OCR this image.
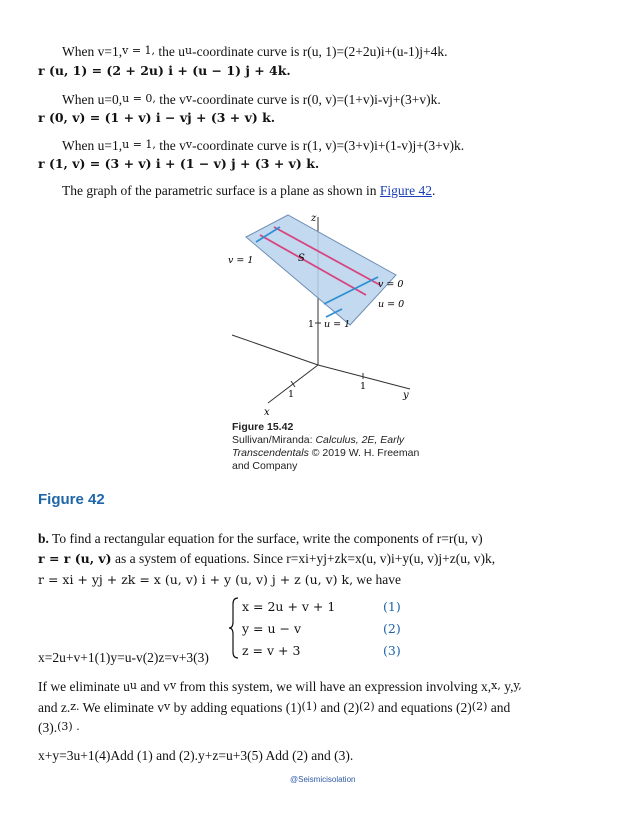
When v=1,v = 1, the uu-coordinate curve is r(u, 1)=(2+2u)i+(u-1)j+4k.
r (u, 1) = (2 + 2u) i + (u − 1) j + 4k.
When u=0,u = 0, the vv-coordinate curve is r(0, v)=(1+v)i-vj+(3+v)k.
r (0, v) = (1 + v) i − vj + (3 + v) k.
When u=1,u = 1, the vv-coordinate curve is r(1, v)=(3+v)i+(1-v)j+(3+v)k.
r (1, v) = (3 + v) i + (1 − v) j + (3 + v) k.
The graph of the parametric surface is a plane as shown in Figure 42.
z
x
y
v = 1	S
v = 0
u = 0
u = 1
1
1
1
Figure 15.42
Sullivan/Miranda: Calculus, 2E, Early
Transcendentals © 2019 W. H. Freeman
and Company
Figure 42
b. To find a rectangular equation for the surface, write the components of r=r(u, v)
r = r (u, v) as a system of equations. Since r=xi+yj+zk=x(u, v)i+y(u, v)j+z(u, v)k,
r = xi + yj + zk = x (u, v) i + y (u, v) j + z (u, v) k, we have
x = 2u + v + 1
y = u − v
z = v + 3
(1)
(2)
(3)
x=2u+v+1(1)y=u-v(2)z=v+3(3)
If we eliminate uu and vv from this system, we will have an expression involving x,x, y,y,
and z.z. We eliminate vv by adding equations (1)(1) and (2)(2) and equations (2)(2) and
(3).(3) .
x+y=3u+1(4)Add (1) and (2).y+z=u+3(5) Add (2) and (3).
@Seismicisolation
